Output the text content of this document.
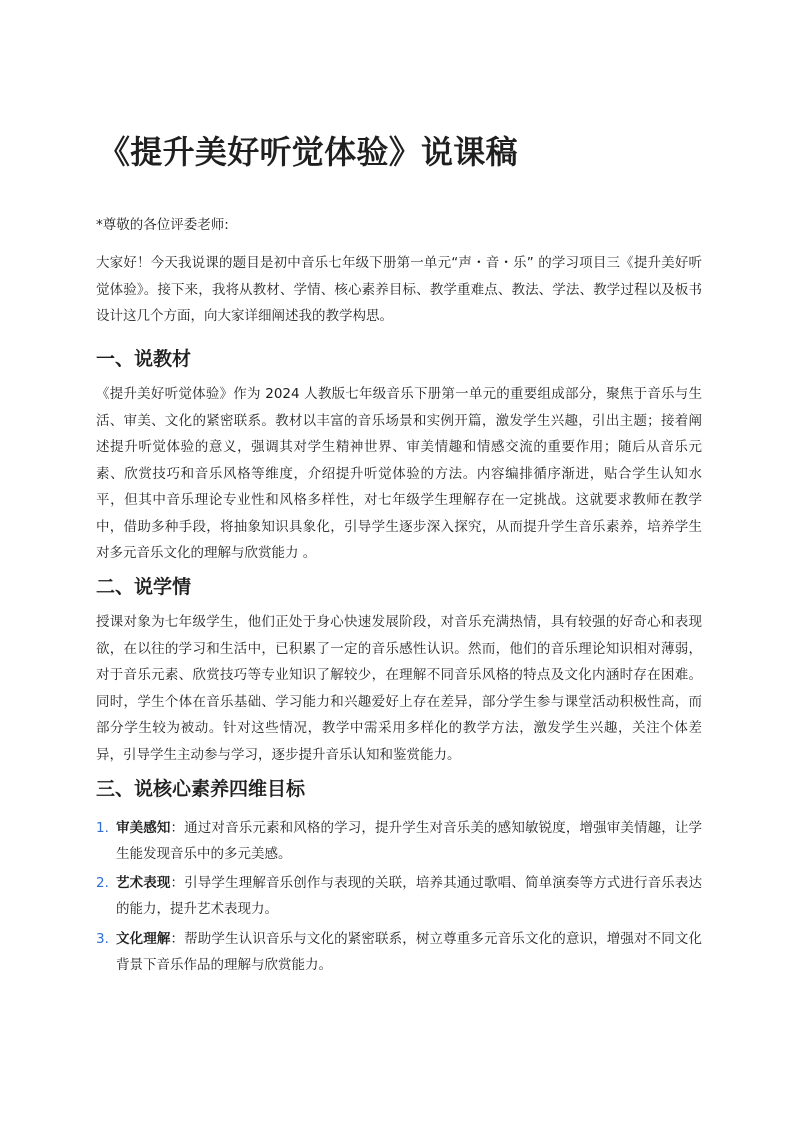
《提升美好听觉体验》说课稿

*尊敬的各位评委老师:

大家好！今天我说课的题目是初中音乐七年级下册第一单元“声・音・乐” 的学习项目三《提升美好听觉体验》。接下来，我将从教材、学情、核心素养目标、教学重难点、教法、学法、教学过程以及板书设计这几个方面，向大家详细阐述我的教学构思。

一、说教材

《提升美好听觉体验》作为 2024 人教版七年级音乐下册第一单元的重要组成部分，聚焦于音乐与生活、审美、文化的紧密联系。教材以丰富的音乐场景和实例开篇，激发学生兴趣，引出主题；接着阐述提升听觉体验的意义，强调其对学生精神世界、审美情趣和情感交流的重要作用；随后从音乐元素、欣赏技巧和音乐风格等维度，介绍提升听觉体验的方法。内容编排循序渐进，贴合学生认知水平，但其中音乐理论专业性和风格多样性，对七年级学生理解存在一定挑战。这就要求教师在教学中，借助多种手段，将抽象知识具象化，引导学生逐步深入探究，从而提升学生音乐素养，培养学生对多元音乐文化的理解与欣赏能力 。

二、说学情

授课对象为七年级学生，他们正处于身心快速发展阶段，对音乐充满热情，具有较强的好奇心和表现欲，在以往的学习和生活中，已积累了一定的音乐感性认识。然而，他们的音乐理论知识相对薄弱，对于音乐元素、欣赏技巧等专业知识了解较少，在理解不同音乐风格的特点及文化内涵时存在困难。同时，学生个体在音乐基础、学习能力和兴趣爱好上存在差异，部分学生参与课堂活动积极性高，而部分学生较为被动。针对这些情况，教学中需采用多样化的教学方法，激发学生兴趣，关注个体差异，引导学生主动参与学习，逐步提升音乐认知和鉴赏能力。

三、说核心素养四维目标
1. 审美感知：通过对音乐元素和风格的学习，提升学生对音乐美的感知敏锐度，增强审美情趣，让学生能发现音乐中的多元美感。
2. 艺术表现：引导学生理解音乐创作与表现的关联，培养其通过歌唱、简单演奏等方式进行音乐表达的能力，提升艺术表现力。
3. 文化理解：帮助学生认识音乐与文化的紧密联系，树立尊重多元音乐文化的意识，增强对不同文化背景下音乐作品的理解与欣赏能力。
